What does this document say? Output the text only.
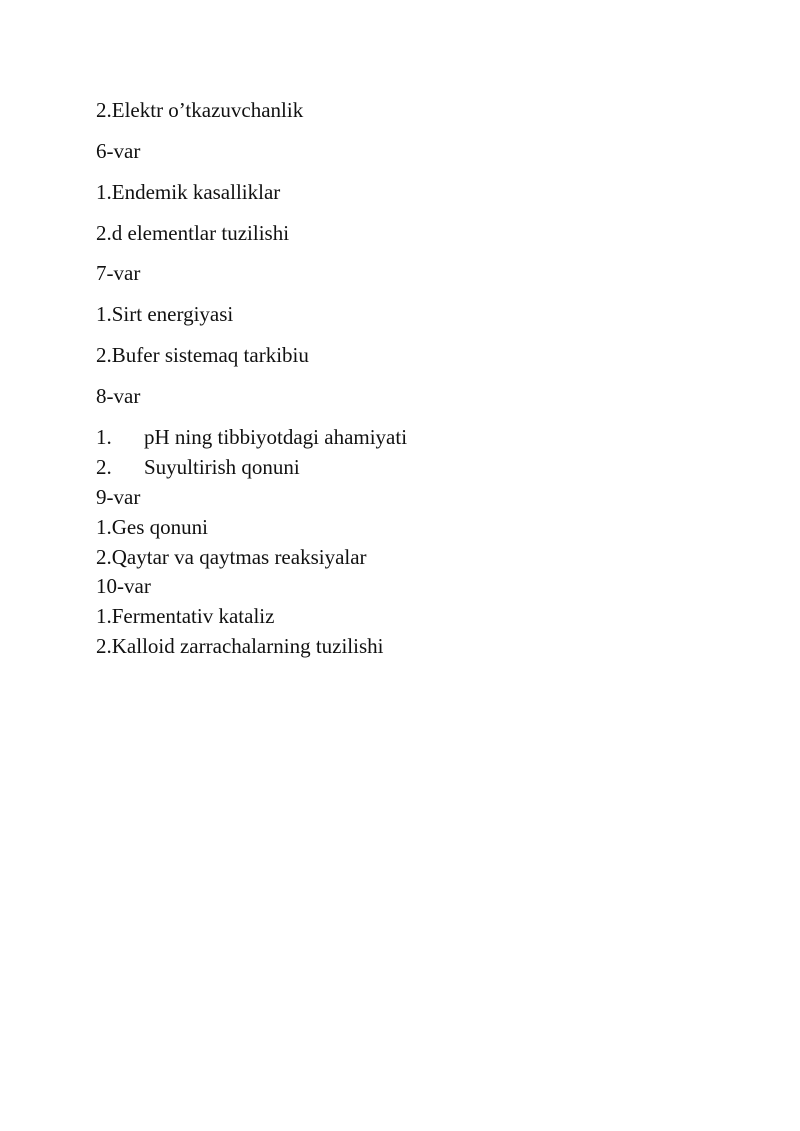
2.Elektr o’tkazuvchanlik
6-var
1.Endemik kasalliklar
2.d elementlar tuzilishi
7-var
1.Sirt energiyasi
2.Bufer sistemaq tarkibiu
8-var
1. pH ning tibbiyotdagi ahamiyati
2. Suyultirish qonuni
9-var
1.Ges qonuni
2.Qaytar va qaytmas reaksiyalar
10-var
1.Fermentativ kataliz
2.Kalloid zarrachalarning tuzilishi
